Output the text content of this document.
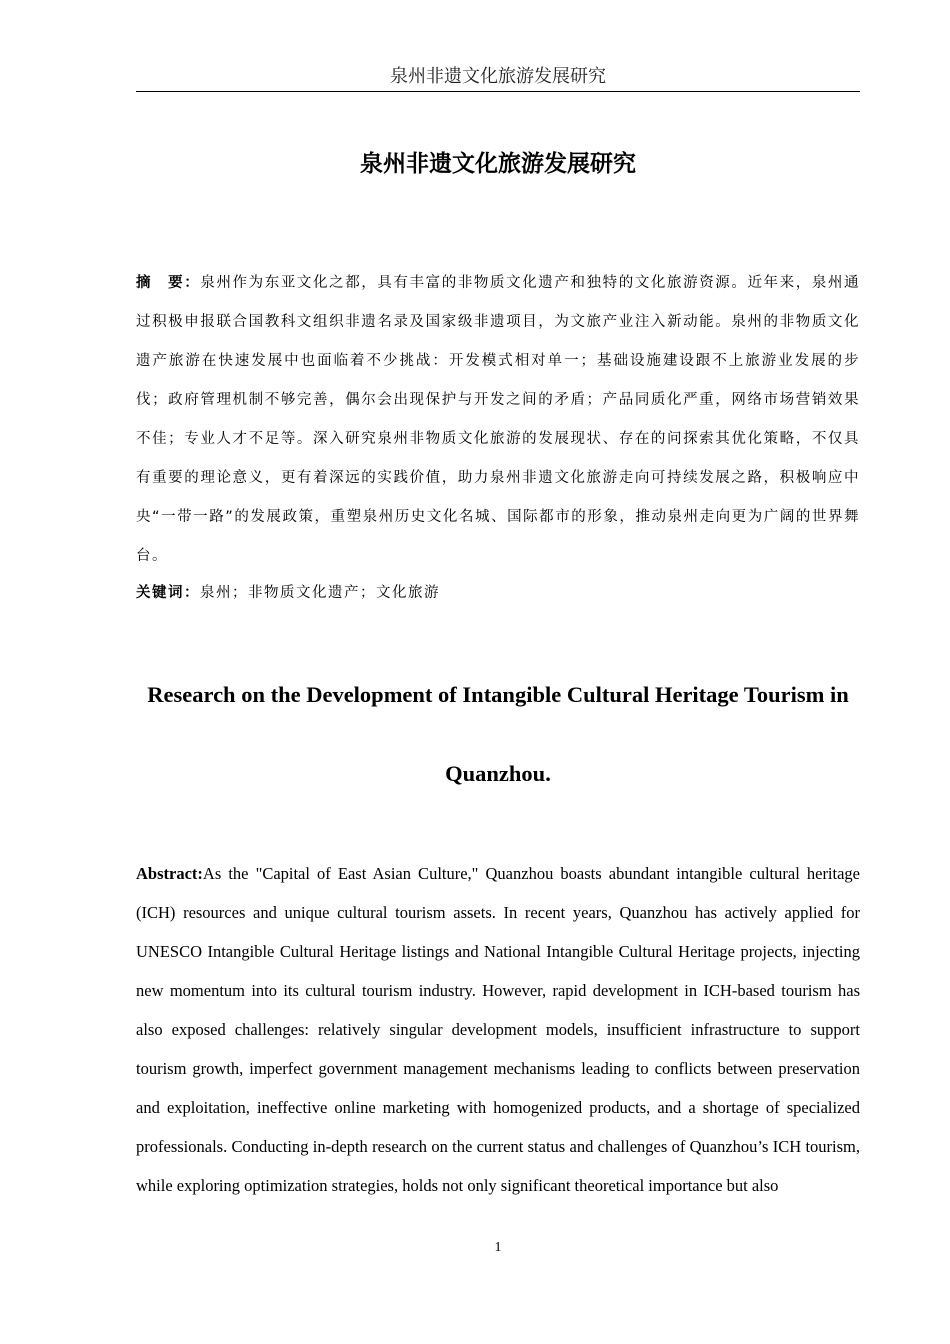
泉州非遗文化旅游发展研究
泉州非遗文化旅游发展研究
摘　要：泉州作为东亚文化之都，具有丰富的非物质文化遗产和独特的文化旅游资源。近年来，泉州通过积极申报联合国教科文组织非遗名录及国家级非遗项目，为文旅产业注入新动能。泉州的非物质文化遗产旅游在快速发展中也面临着不少挑战：开发模式相对单一；基础设施建设跟不上旅游业发展的步伐；政府管理机制不够完善，偶尔会出现保护与开发之间的矛盾；产品同质化严重，网络市场营销效果不佳；专业人才不足等。深入研究泉州非物质文化旅游的发展现状、存在的问探索其优化策略，不仅具有重要的理论意义，更有着深远的实践价值，助力泉州非遗文化旅游走向可持续发展之路，积极响应中央“一带一路”的发展政策，重塑泉州历史文化名城、国际都市的形象，推动泉州走向更为广阔的世界舞台。
关键词：泉州；非物质文化遗产；文化旅游
Research on the Development of Intangible Cultural Heritage Tourism in Quanzhou.
Abstract:As the "Capital of East Asian Culture," Quanzhou boasts abundant intangible cultural heritage (ICH) resources and unique cultural tourism assets. In recent years, Quanzhou has actively applied for UNESCO Intangible Cultural Heritage listings and National Intangible Cultural Heritage projects, injecting new momentum into its cultural tourism industry. However, rapid development in ICH-based tourism has also exposed challenges: relatively singular development models, insufficient infrastructure to support tourism growth, imperfect government management mechanisms leading to conflicts between preservation and exploitation, ineffective online marketing with homogenized products, and a shortage of specialized professionals. Conducting in-depth research on the current status and challenges of Quanzhou’s ICH tourism, while exploring optimization strategies, holds not only significant theoretical importance but also
1
